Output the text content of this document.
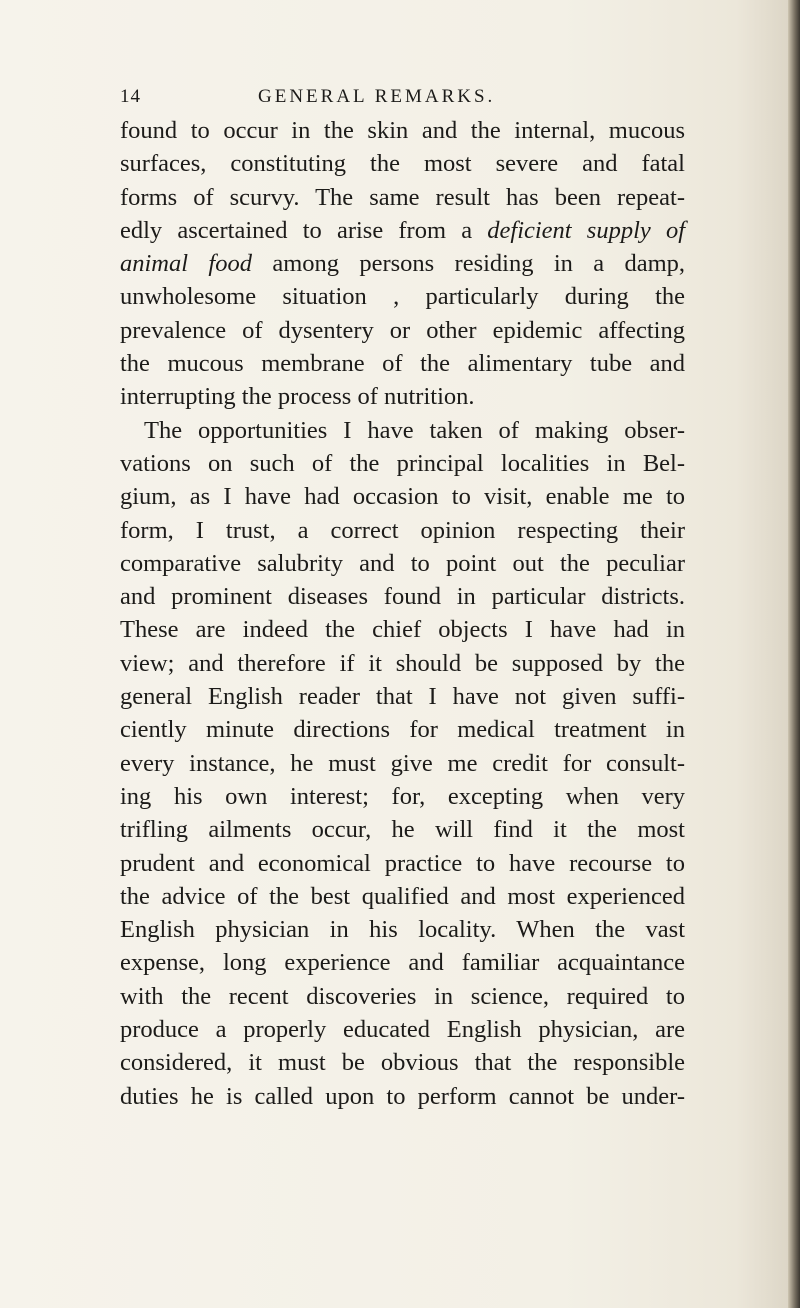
14	GENERAL REMARKS.
found to occur in the skin and the internal, mucous
surfaces, constituting the most severe and fatal
forms of scurvy. The same result has been repeat-
edly ascertained to arise from a deficient supply of
animal food among persons residing in a damp,
unwholesome situation , particularly during the
prevalence of dysentery or other epidemic affecting
the mucous membrane of the alimentary tube and
interrupting the process of nutrition.
The opportunities I have taken of making obser-
vations on such of the principal localities in Bel-
gium, as I have had occasion to visit, enable me to
form, I trust, a correct opinion respecting their
comparative salubrity and to point out the peculiar
and prominent diseases found in particular districts.
These are indeed the chief objects I have had in
view; and therefore if it should be supposed by the
general English reader that I have not given suffi-
ciently minute directions for medical treatment in
every instance, he must give me credit for consult-
ing his own interest; for, excepting when very
trifling ailments occur, he will find it the most
prudent and economical practice to have recourse to
the advice of the best qualified and most experienced
English physician in his locality. When the vast
expense, long experience and familiar acquaintance
with the recent discoveries in science, required to
produce a properly educated English physician, are
considered, it must be obvious that the responsible
duties he is called upon to perform cannot be under-
